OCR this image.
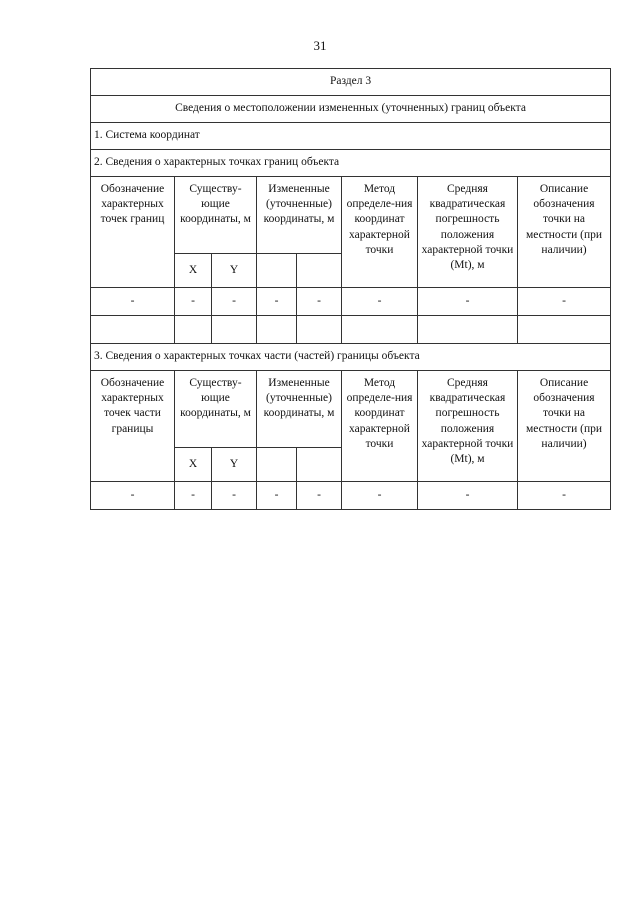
31
Раздел 3							
Сведения о местоположении измененных (уточненных) границ объекта							
1. Система координат							
2. Сведения о характерных точках границ объекта							
Обозначение характерных точек границ	Существу-ющие координаты, м		Измененные (уточненные) координаты, м		Метод определе-ния координат характерной точки	Средняя квадратическая погрешность положения характерной точки (Mt), м	Описание обозначения точки на местности (при наличии)
	X	Y					
-	-	-	-	-	-	-	-

3. Сведения о характерных точках части (частей) границы объекта							
Обозначение характерных точек части границы	Существу-ющие координаты, м		Измененные (уточненные) координаты, м		Метод определе-ния координат характерной точки	Средняя квадратическая погрешность положения характерной точки (Mt), м	Описание обозначения точки на местности (при наличии)
	X	Y					
-	-	-	-	-	-	-	-
